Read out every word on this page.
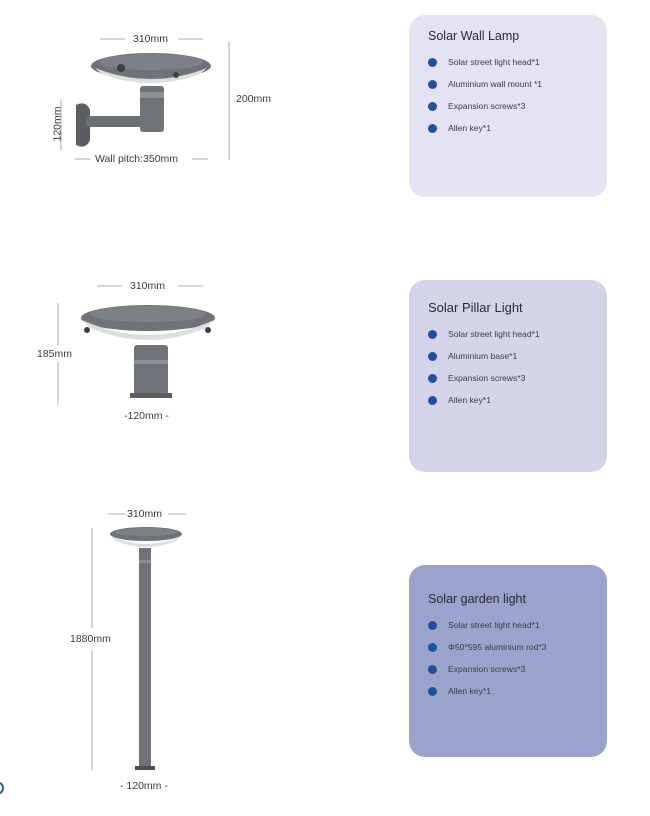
310mm
200mm
120mm
Wall pitch:350mm
Solar Wall Lamp
Solar street light head*1
Aluminium wall mount *1
Expansion screws*3
Allen key*1
310mm
185mm
-120mm -
Solar Pillar Light
Solar street light head*1
Aluminium base*1
Expansion screws*3
Allen key*1
310mm
1880mm
- 120mm -
Solar garden light
Solar street light head*1
Φ50*595 aluminium rod*3
Expansion screws*3
Allen key*1
